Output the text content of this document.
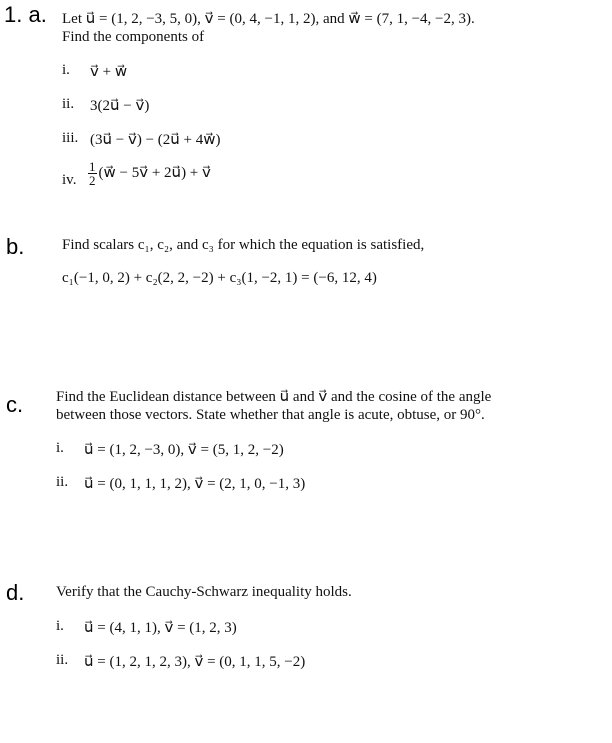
1. a. Let u⃗ = (1, 2, −3, 5, 0), v⃗ = (0, 4, −1, 1, 2), and w⃗ = (7, 1, −4, −2, 3).
Find the components of
i. v⃗ + w⃗
ii. 3(2u⃗ − v⃗)
iii. (3u⃗ − v⃗) − (2u⃗ + 4w⃗)
iv. $\frac{1}{2}$ (w⃗ − 5v⃗ + 2u⃗) + v⃗
b.	Find scalars c₁, c₂, and c₃ for which the equation is satisfied,
c₁(−1, 0, 2) + c₂(2, 2, −2) + c₃(1, −2, 1) = (−6, 12, 4)
c. Find the Euclidean distance between u⃗ and v⃗ and the cosine of the angle
between those vectors. State whether that angle is acute, obtuse, or 90°.
i. u⃗ = (1, 2, −3, 0), v⃗ = (5, 1, 2, −2)
ii. u⃗ = (0, 1, 1, 1, 2), v⃗ = (2, 1, 0, −1, 3)
d. Verify that the Cauchy-Schwarz inequality holds.
i. u⃗ = (4, 1, 1), v⃗ = (1, 2, 3)
ii. u⃗ = (1, 2, 1, 2, 3), v⃗ = (0, 1, 1, 5, −2)
